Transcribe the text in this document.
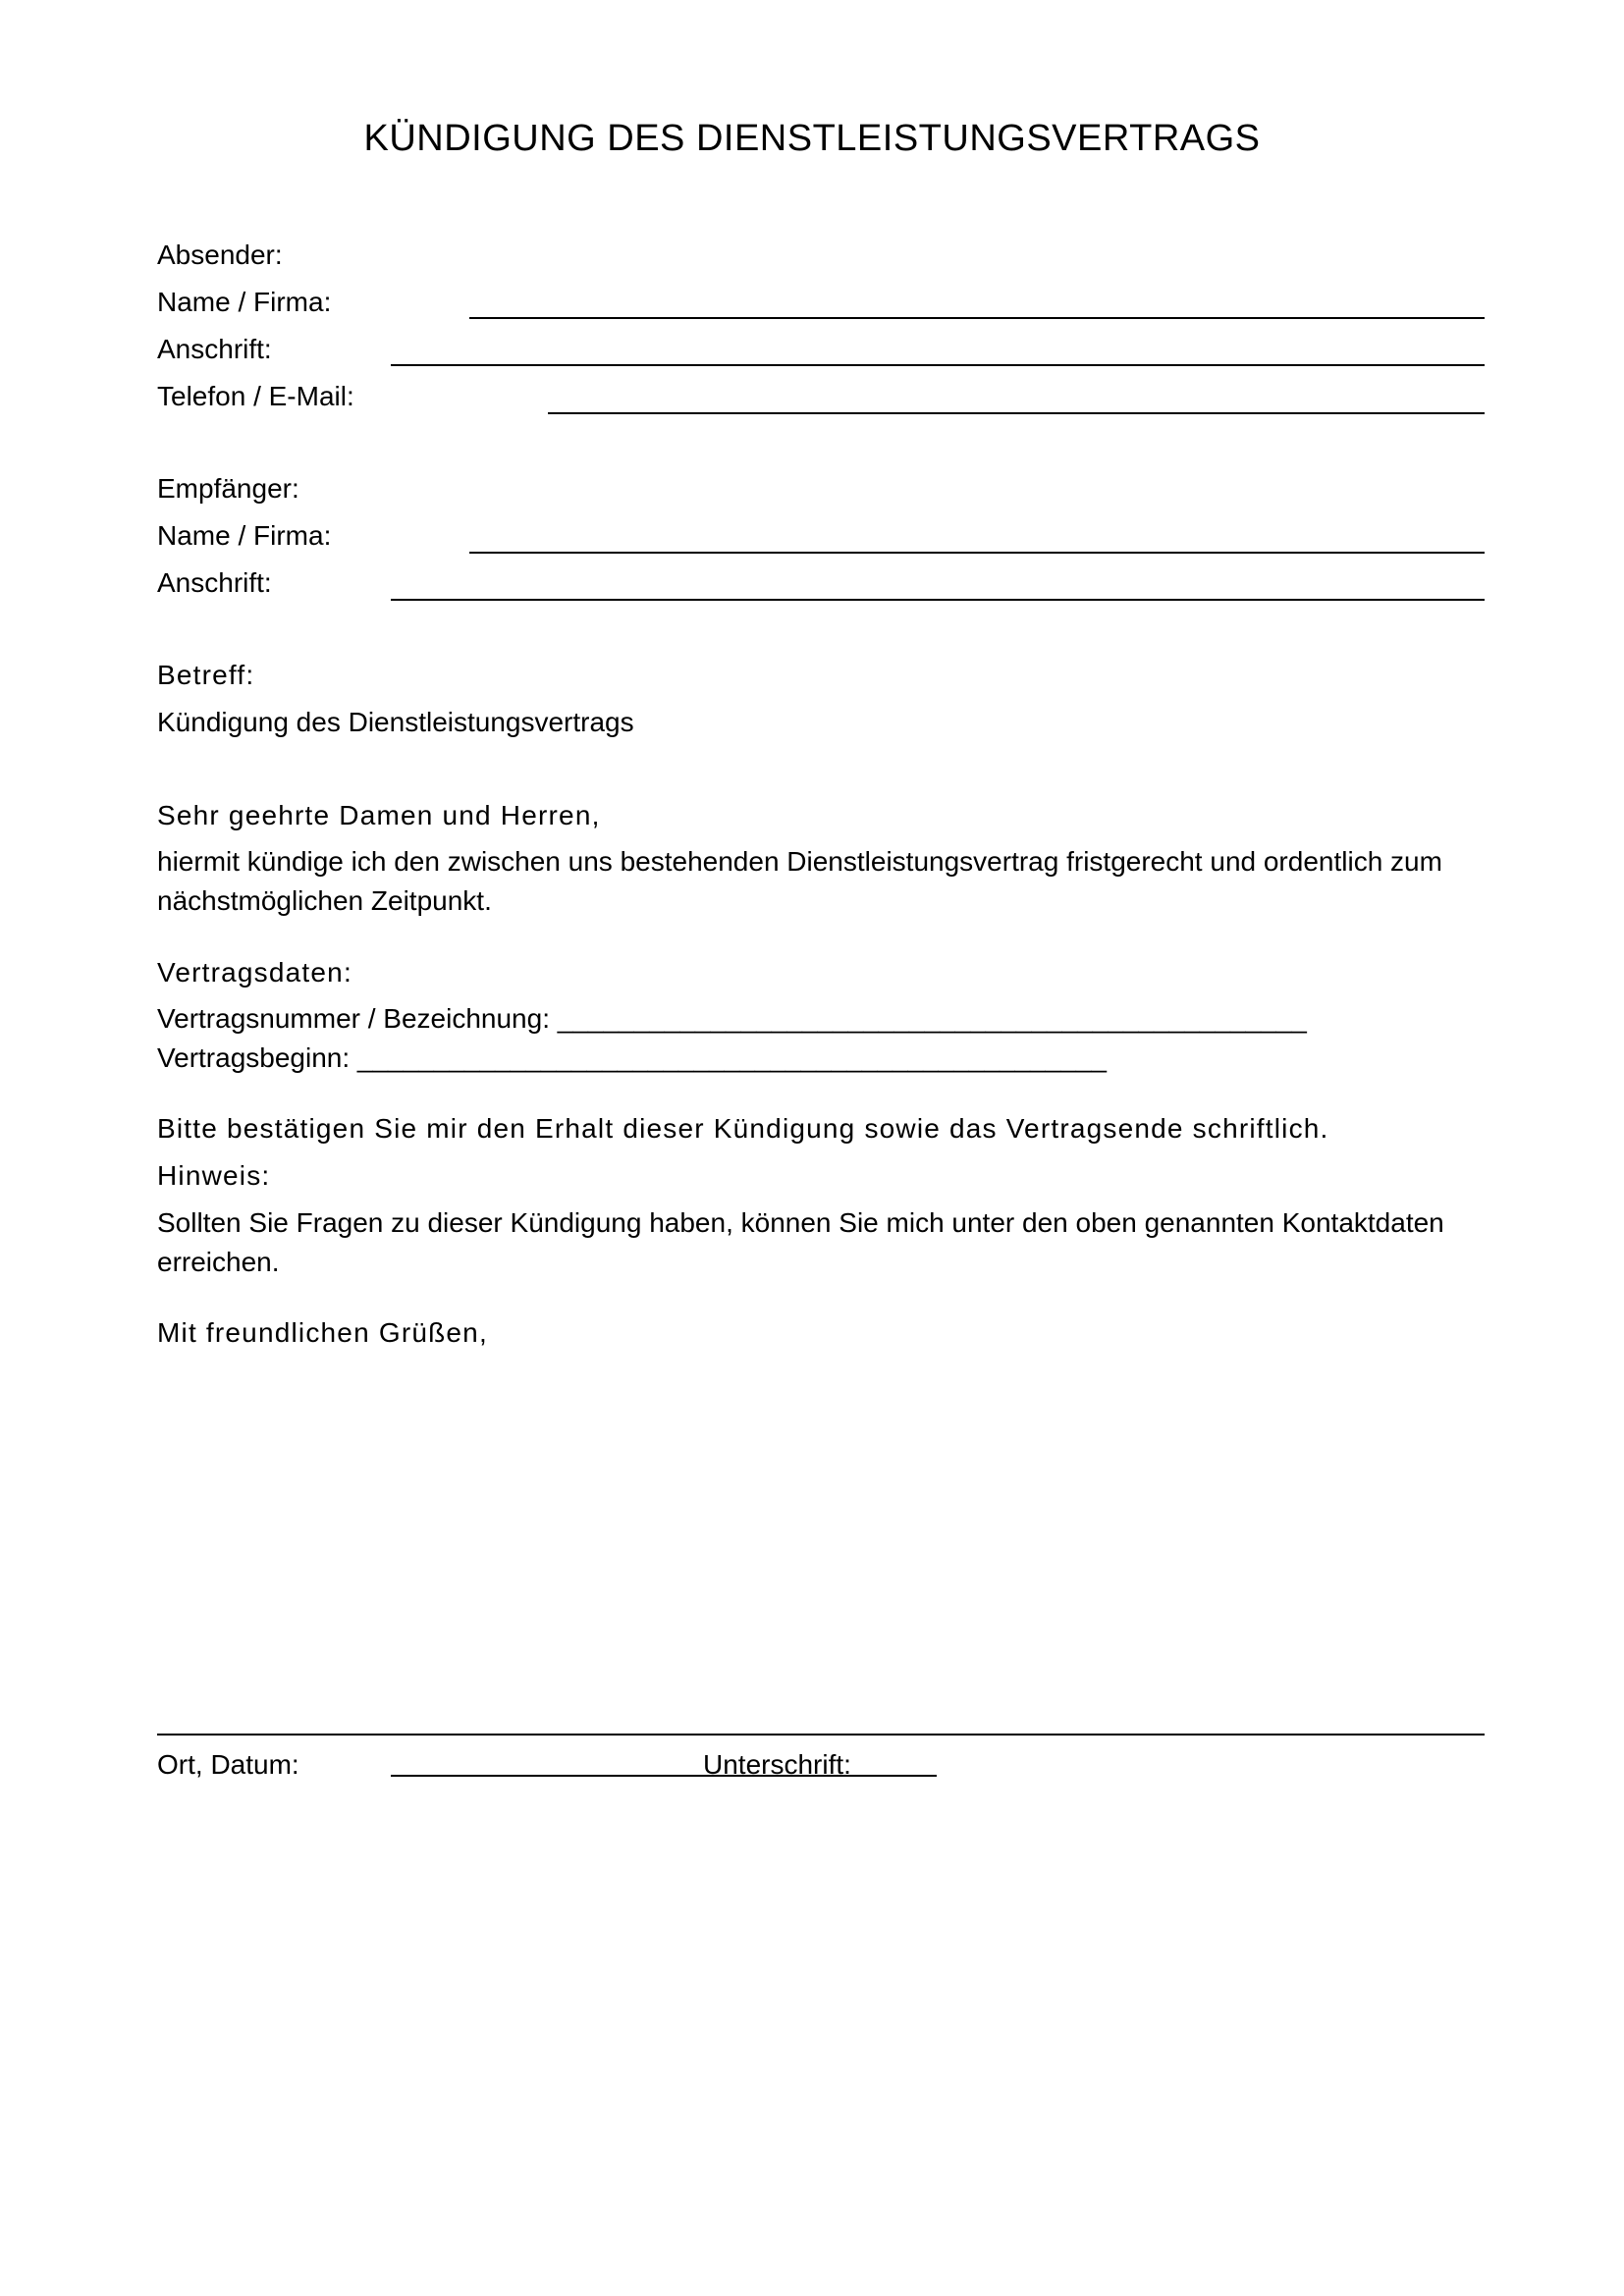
KÜNDIGUNG DES DIENSTLEISTUNGSVERTRAGS
Absender:
Name / Firma:
Anschrift:
Telefon / E-Mail:
Empfänger:
Name / Firma:
Anschrift:
Betreff:
Kündigung des Dienstleistungsvertrags
Sehr geehrte Damen und Herren,
hiermit kündige ich den zwischen uns bestehenden Dienstleistungsvertrag fristgerecht und ordentlich zum nächstmöglichen Zeitpunkt.
Vertragsdaten:
Vertragsnummer / Bezeichnung: _________________________________________________
Vertragsbeginn: _________________________________________________
Bitte bestätigen Sie mir den Erhalt dieser Kündigung sowie das Vertragsende schriftlich.
Hinweis:
Sollten Sie Fragen zu dieser Kündigung haben, können Sie mich unter den oben genannten Kontaktdaten erreichen.
Mit freundlichen Grüßen,
Ort, Datum:	Unterschrift:
